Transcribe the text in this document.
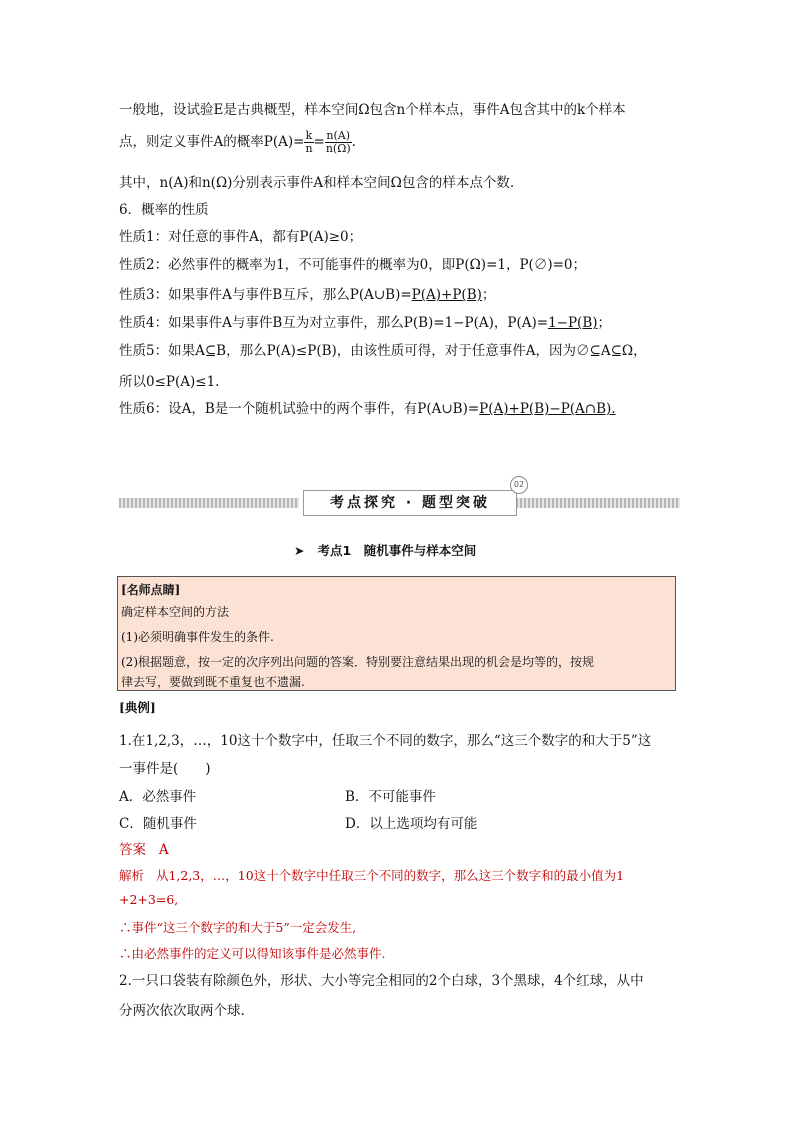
一般地，设试验E是古典概型，样本空间Ω包含n个样本点，事件A包含其中的k个样本
点，则定义事件A的概率$P(A)= \frac{k}{n} = \frac{n(A)}{n(\Omega)}$ .
其中，n(A)和n(Ω)分别表示事件A和样本空间Ω包含的样本点个数.
6．概率的性质
性质1：对任意的事件A，都有P(A)≥0；
性质2：必然事件的概率为1，不可能事件的概率为0，即P(Ω)=1，P(∅)=0；
性质3：如果事件A与事件B互斥，那么P(A∪B)=P(A)+P(B)；
性质4：如果事件A与事件B互为对立事件，那么P(B)=1−P(A)，P(A)=1−P(B)；
性质5：如果A⊆B，那么P(A)≤P(B)，由该性质可得，对于任意事件A，因为∅⊆A⊆Ω，
所以0≤P(A)≤1.
性质6：设A，B是一个随机试验中的两个事件，有P(A∪B)=P(A)+P(B)−P(A∩B).
考点探究 · 题型突破
02
➤ 考点1　随机事件与样本空间
[名师点睛]
确定样本空间的方法
(1)必须明确事件发生的条件.
(2)根据题意，按一定的次序列出问题的答案．特别要注意结果出现的机会是均等的，按规
律去写，要做到既不重复也不遗漏.
[典例]
1.在1,2,3，…，10这十个数字中，任取三个不同的数字，那么“这三个数字的和大于5”这
一事件是(　　)
A．必然事件	B．不可能事件
C．随机事件	D．以上选项均有可能
答案 A
解析 从1,2,3，…，10这十个数字中任取三个不同的数字，那么这三个数字和的最小值为1
+2+3=6,
∴事件“这三个数字的和大于5”一定会发生,
∴由必然事件的定义可以得知该事件是必然事件.
2.一只口袋装有除颜色外，形状、大小等完全相同的2个白球，3个黑球，4个红球，从中
分两次依次取两个球.
